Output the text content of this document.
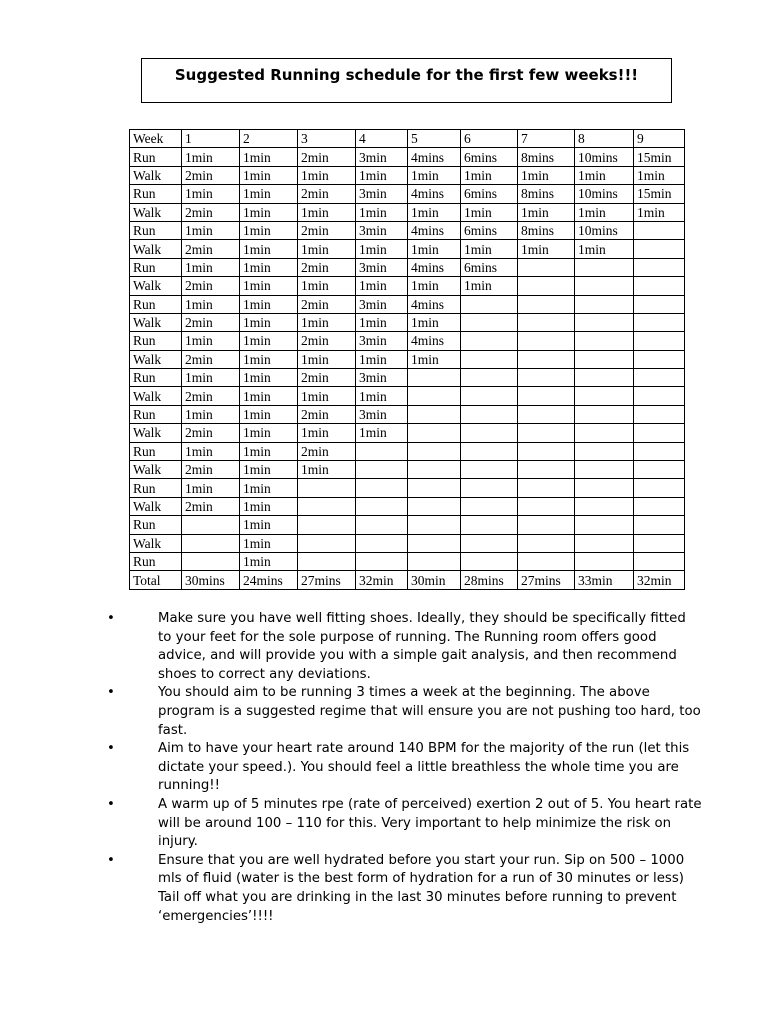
Suggested Running schedule for the first few weeks!!!
Week	1	2	3	4	5	6	7	8	9
Run	1min	1min	2min	3min	4mins	6mins	8mins	10mins	15min
Walk	2min	1min	1min	1min	1min	1min	1min	1min	1min
Run	1min	1min	2min	3min	4mins	6mins	8mins	10mins	15min
Walk	2min	1min	1min	1min	1min	1min	1min	1min	1min
Run	1min	1min	2min	3min	4mins	6mins	8mins	10mins	
Walk	2min	1min	1min	1min	1min	1min	1min	1min	
Run	1min	1min	2min	3min	4mins	6mins			
Walk	2min	1min	1min	1min	1min	1min			
Run	1min	1min	2min	3min	4mins				
Walk	2min	1min	1min	1min	1min				
Run	1min	1min	2min	3min	4mins				
Walk	2min	1min	1min	1min	1min				
Run	1min	1min	2min	3min					
Walk	2min	1min	1min	1min					
Run	1min	1min	2min	3min					
Walk	2min	1min	1min	1min					
Run	1min	1min	2min						
Walk	2min	1min	1min						
Run	1min	1min							
Walk	2min	1min							
Run		1min							
Walk		1min							
Run		1min							
Total	30mins	24mins	27mins	32min	30min	28mins	27mins	33min	32min
•	Make sure you have well fitting shoes. Ideally, they should be specifically fitted to your feet for the sole purpose of running. The Running room offers good advice, and will provide you with a simple gait analysis, and then recommend shoes to correct any deviations.
•	You should aim to be running 3 times a week at the beginning. The above program is a suggested regime that will ensure you are not pushing too hard, too fast.
•	Aim to have your heart rate around 140 BPM for the majority of the run (let this dictate your speed.). You should feel a little breathless the whole time you are running!!
•	A warm up of 5 minutes rpe (rate of perceived) exertion 2 out of 5. You heart rate will be around 100 – 110 for this. Very important to help minimize the risk on injury.
•	Ensure that you are well hydrated before you start your run. Sip on 500 – 1000 mls of fluid (water is the best form of hydration for a run of 30 minutes or less) Tail off what you are drinking in the last 30 minutes before running to prevent ‘emergencies’!!!!
